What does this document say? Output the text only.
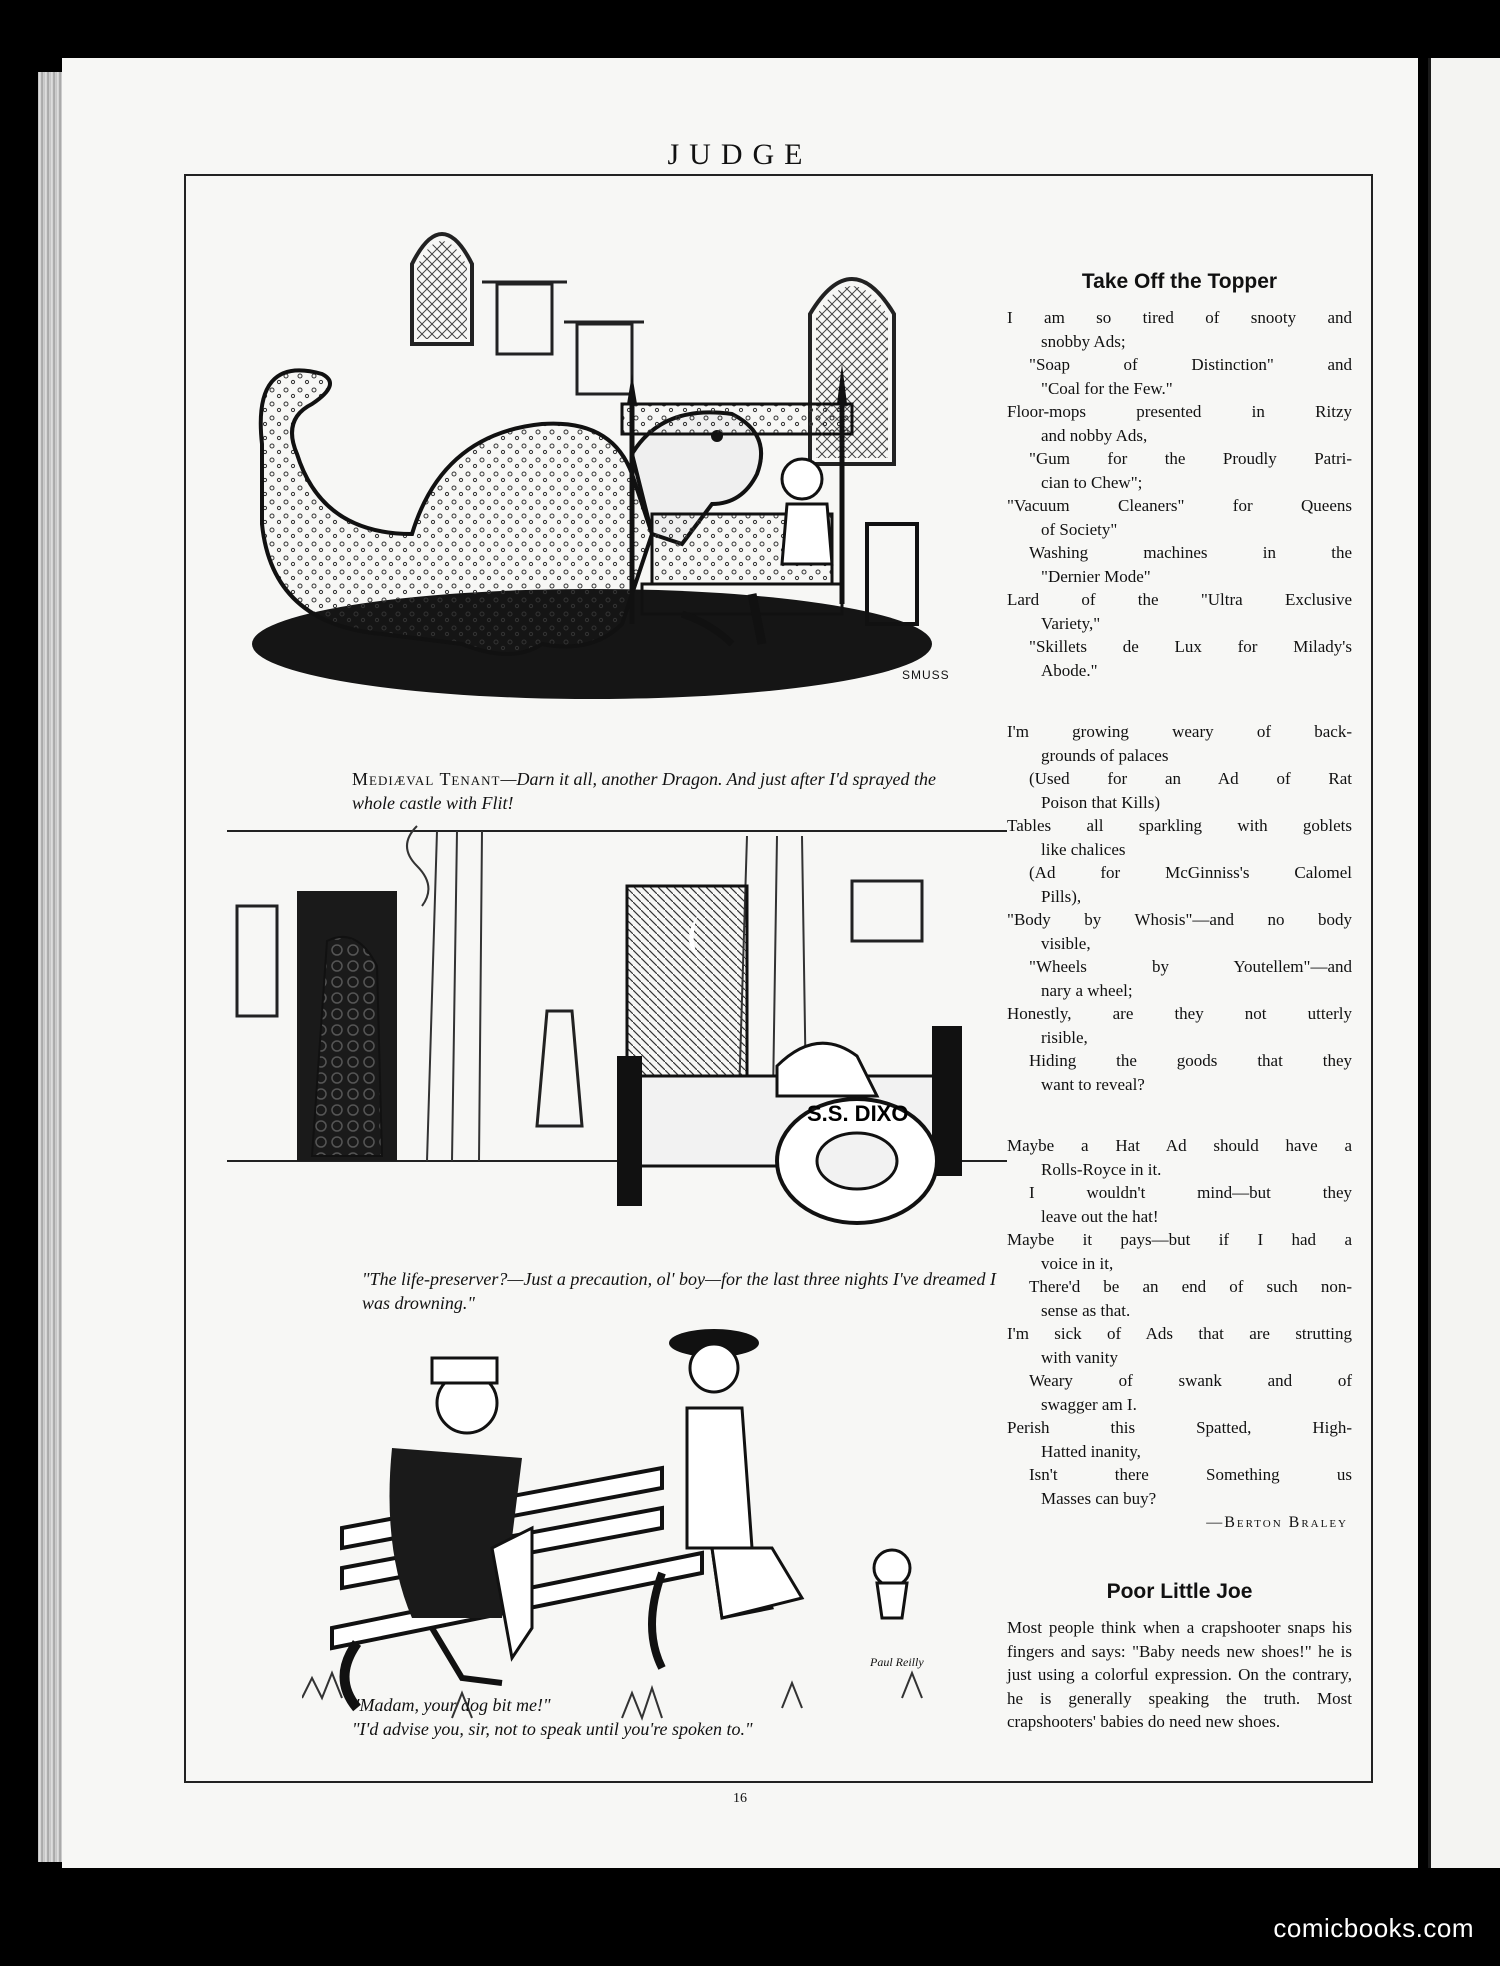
JUDGE
SMUSS
Mediæval Tenant—Darn it all, another Dragon. And just after I'd sprayed the whole castle with Flit!
S.S. DIXO
"The life-preserver?—Just a precaution, ol' boy—for the last three nights I've dreamed I was drowning."
Paul Reilly
"Madam, your dog bit me!"
"I'd advise you, sir, not to speak until you're spoken to."
Take Off the Topper
I am so tired of snooty and
snobby Ads;
"Soap of Distinction" and
"Coal for the Few."
Floor-mops presented in Ritzy
and nobby Ads,
"Gum for the Proudly Patri-
cian to Chew";
"Vacuum Cleaners" for Queens
of Society"
Washing machines in the
"Dernier Mode"
Lard of the "Ultra Exclusive
Variety,"
"Skillets de Lux for Milady's
Abode."
I'm growing weary of back-
grounds of palaces
(Used for an Ad of Rat
Poison that Kills)
Tables all sparkling with goblets
like chalices
(Ad for McGinniss's Calomel
Pills),
"Body by Whosis"—and no body
visible,
"Wheels by Youtellem"—and
nary a wheel;
Honestly, are they not utterly
risible,
Hiding the goods that they
want to reveal?
Maybe a Hat Ad should have a
Rolls-Royce in it.
I wouldn't mind—but they
leave out the hat!
Maybe it pays—but if I had a
voice in it,
There'd be an end of such non-
sense as that.
I'm sick of Ads that are strutting
with vanity
Weary of swank and of
swagger am I.
Perish this Spatted, High-
Hatted inanity,
Isn't there Something us
Masses can buy?
—Berton Braley
Poor Little Joe
Most people think when a crapshooter snaps his fingers and says: "Baby needs new shoes!" he is just using a colorful expression. On the contrary, he is generally speaking the truth. Most crapshooters' babies do need new shoes.
16
comicbooks.com
